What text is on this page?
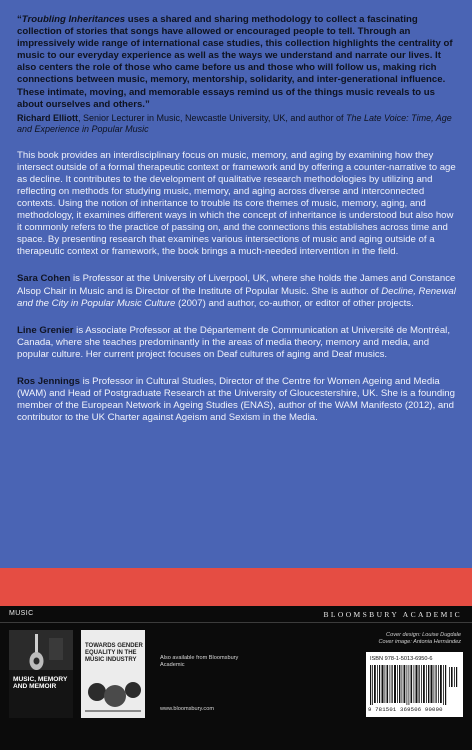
“Troubling Inheritances uses a shared and sharing methodology to collect a fascinating collection of stories that songs have allowed or encouraged people to tell. Through an impressively wide range of international case studies, this collection highlights the centrality of music to our everyday experience as well as the ways we understand and narrate our lives. It also centers the role of those who came before us and those who will follow us, making rich connections between music, memory, mentorship, solidarity, and inter-generational influence. These intimate, moving, and memorable essays remind us of the things music reveals to us about ourselves and others.”

Richard Elliott, Senior Lecturer in Music, Newcastle University, UK, and author of The Late Voice: Time, Age and Experience in Popular Music

This book provides an interdisciplinary focus on music, memory, and aging by examining how they intersect outside of a formal therapeutic context or framework and by offering a counter-narrative to age as decline. It contributes to the development of qualitative research methodologies by utilizing and reflecting on methods for studying music, memory, and aging across diverse and interconnected contexts. Using the notion of inheritance to trouble its core themes of music, memory, aging, and methodology, it examines different ways in which the concept of inheritance is understood but also how it commonly refers to the practice of passing on, and the connections this establishes across time and space. By presenting research that examines various intersections of music and aging outside of a therapeutic context or framework, the book brings a much-needed intervention in the field.

Sara Cohen is Professor at the University of Liverpool, UK, where she holds the James and Constance Alsop Chair in Music and is Director of the Institute of Popular Music. She is author of Decline, Renewal and the City in Popular Music Culture (2007) and author, co-author, or editor of other projects.

Line Grenier is Associate Professor at the Département de Communication at Université de Montréal, Canada, where she teaches predominantly in the areas of media theory, memory and media, and popular culture. Her current project focuses on Deaf cultures of aging and Deaf musics.

Ros Jennings is Professor in Cultural Studies, Director of the Centre for Women Ageing and Media (WAM) and Head of Postgraduate Research at the University of Gloucestershire, UK. She is a founding member of the European Network in Ageing Studies (ENAS), author of the WAM Manifesto (2012), and contributor to the UK Charter against Ageism and Sexism in the Media.

MUSIC	BLOOMSBURY ACADEMIC
MUSIC, MEMORY AND MEMOIR
TOWARDS GENDER EQUALITY IN THE MUSIC INDUSTRY	Also available from Bloomsbury Academic
www.bloomsbury.com
Cover design: Louise Dugdale
Cover image: Antonia Hernández
ISBN 978-1-5013-6950-6
9 781501 369506 90000
